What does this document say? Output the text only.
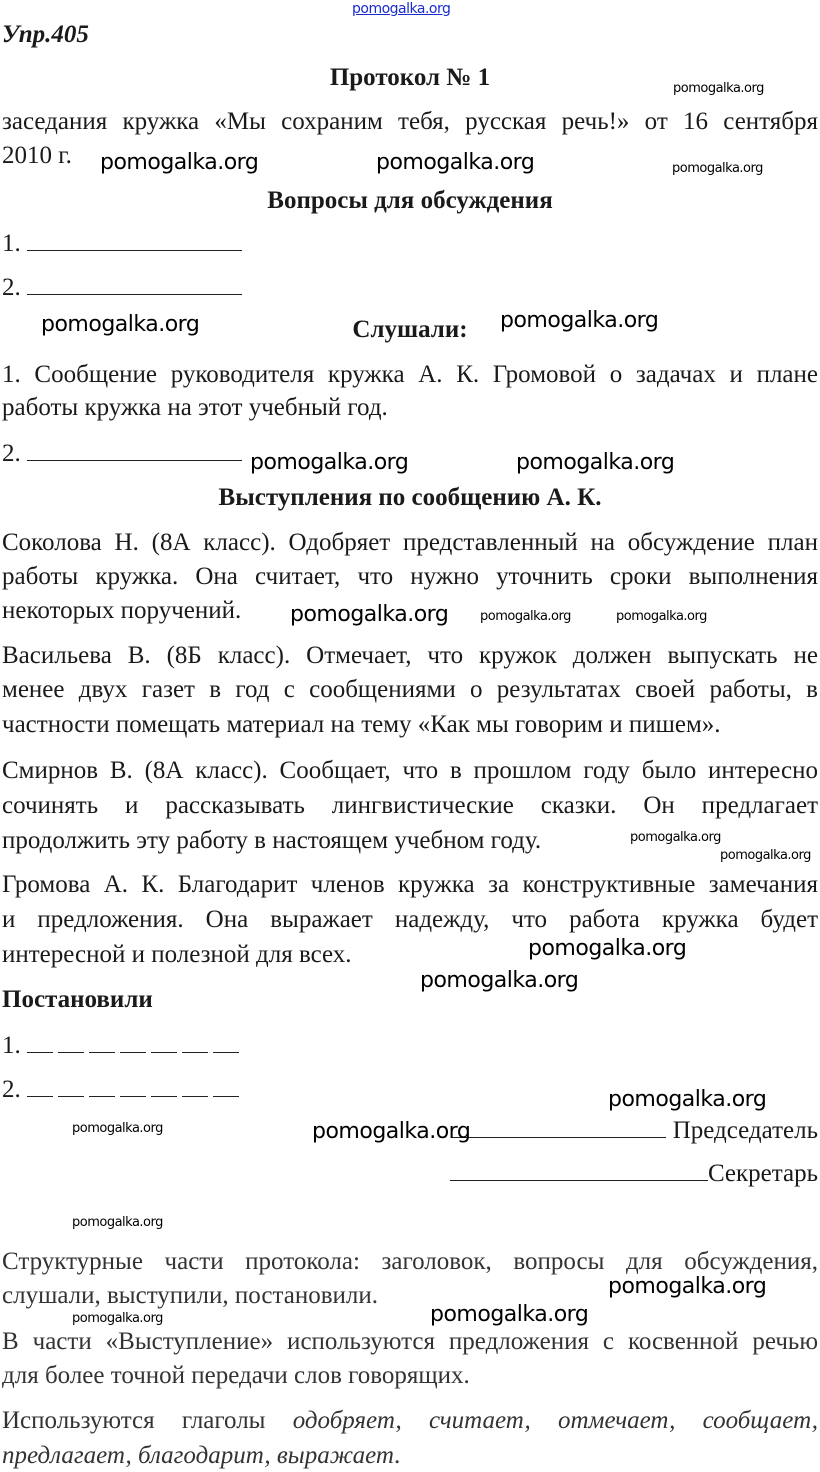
Упр.405
Протокол № 1
заседания кружка «Мы сохраним тебя, русская речь!» от 16 сентября
2010 г.
Вопросы для обсуждения
1.
2.
Слушали:
1. Сообщение руководителя кружка А. К. Громовой о задачах и плане
работы кружка на этот учебный год.
2.
Выступления по сообщению А. К.
Соколова Н. (8А класс). Одобряет представленный на обсуждение план
работы кружка. Она считает, что нужно уточнить сроки выполнения
некоторых поручений.
Васильева В. (8Б класс). Отмечает, что кружок должен выпускать не
менее двух газет в год с сообщениями о результатах своей работы, в
частности помещать материал на тему «Как мы говорим и пишем».
Смирнов В. (8А класс). Сообщает, что в прошлом году было интересно
сочинять и рассказывать лингвистические сказки. Он предлагает
продолжить эту работу в настоящем учебном году.
Громова А. К. Благодарит членов кружка за конструктивные замечания
и предложения. Она выражает надежду, что работа кружка будет
интересной и полезной для всех.
Постановили
1.
2.
Председатель
Секретарь
Структурные части протокола: заголовок, вопросы для обсуждения,
слушали, выступили, постановили.
В части «Выступление» используются предложения с косвенной речью
для более точной передачи слов говорящих.
Используются глаголы одобряет, считает, отмечает, сообщает,
предлагает, благодарит, выражает.
pomogalka.org
pomogalka.org
pomogalka.org	pomogalka.org	pomogalka.org
pomogalka.org	pomogalka.org
pomogalka.org	pomogalka.org
pomogalka.org pomogalka.org	pomogalka.org
pomogalka.org
pomogalka.org
pomogalka.org
pomogalka.org
pomogalka.org
pomogalka.org	pomogalka.org
pomogalka.org
pomogalka.org
pomogalka.org	pomogalka.org
